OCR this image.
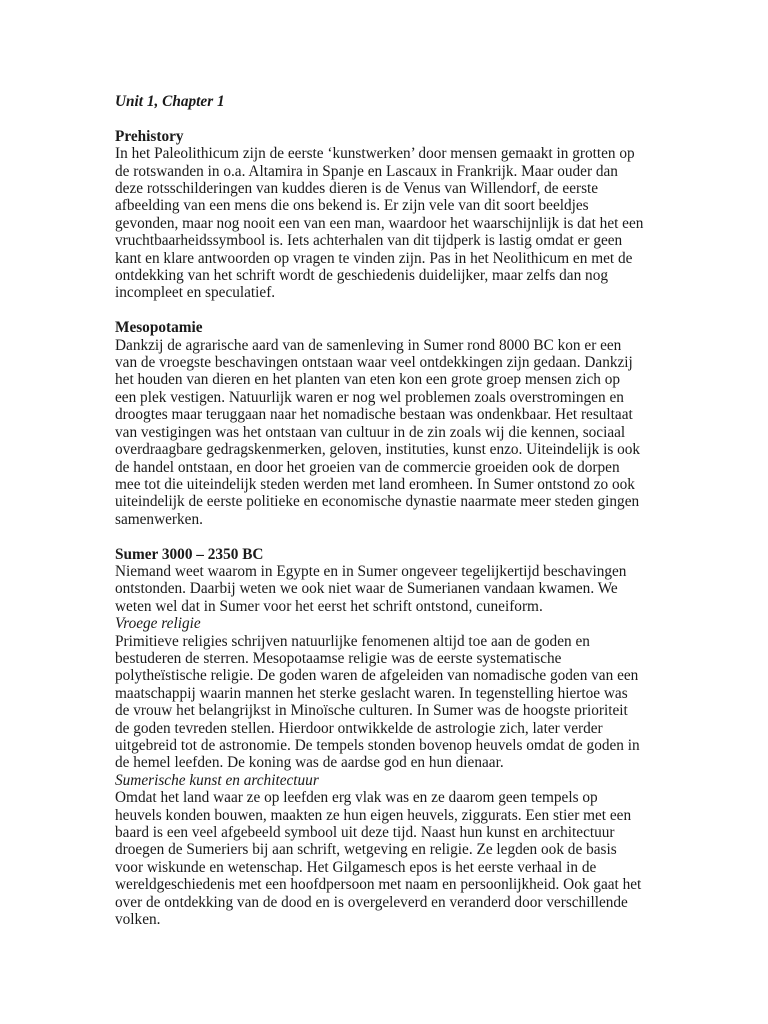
Unit 1, Chapter 1
Prehistory
In het Paleolithicum zijn de eerste ‘kunstwerken’ door mensen gemaakt in grotten op
de rotswanden in o.a. Altamira in Spanje en Lascaux in Frankrijk. Maar ouder dan
deze rotsschilderingen van kuddes dieren is de Venus van Willendorf, de eerste
afbeelding van een mens die ons bekend is. Er zijn vele van dit soort beeldjes
gevonden, maar nog nooit een van een man, waardoor het waarschijnlijk is dat het een
vruchtbaarheidssymbool is. Iets achterhalen van dit tijdperk is lastig omdat er geen
kant en klare antwoorden op vragen te vinden zijn. Pas in het Neolithicum en met de
ontdekking van het schrift wordt de geschiedenis duidelijker, maar zelfs dan nog
incompleet en speculatief.
Mesopotamie
Dankzij de agrarische aard van de samenleving in Sumer rond 8000 BC kon er een
van de vroegste beschavingen ontstaan waar veel ontdekkingen zijn gedaan. Dankzij
het houden van dieren en het planten van eten kon een grote groep mensen zich op
een plek vestigen. Natuurlijk waren er nog wel problemen zoals overstromingen en
droogtes maar teruggaan naar het nomadische bestaan was ondenkbaar. Het resultaat
van vestigingen was het ontstaan van cultuur in de zin zoals wij die kennen, sociaal
overdraagbare gedragskenmerken, geloven, instituties, kunst enzo. Uiteindelijk is ook
de handel ontstaan, en door het groeien van de commercie groeiden ook de dorpen
mee tot die uiteindelijk steden werden met land eromheen. In Sumer ontstond zo ook
uiteindelijk de eerste politieke en economische dynastie naarmate meer steden gingen
samenwerken.
Sumer 3000 – 2350 BC
Niemand weet waarom in Egypte en in Sumer ongeveer tegelijkertijd beschavingen
ontstonden. Daarbij weten we ook niet waar de Sumerianen vandaan kwamen. We
weten wel dat in Sumer voor het eerst het schrift ontstond, cuneiform.
Vroege religie
Primitieve religies schrijven natuurlijke fenomenen altijd toe aan de goden en
bestuderen de sterren. Mesopotaamse religie was de eerste systematische
polytheïstische religie. De goden waren de afgeleiden van nomadische goden van een
maatschappij waarin mannen het sterke geslacht waren. In tegenstelling hiertoe was
de vrouw het belangrijkst in Minoïsche culturen. In Sumer was de hoogste prioriteit
de goden tevreden stellen. Hierdoor ontwikkelde de astrologie zich, later verder
uitgebreid tot de astronomie. De tempels stonden bovenop heuvels omdat de goden in
de hemel leefden. De koning was de aardse god en hun dienaar.
Sumerische kunst en architectuur
Omdat het land waar ze op leefden erg vlak was en ze daarom geen tempels op
heuvels konden bouwen, maakten ze hun eigen heuvels, ziggurats. Een stier met een
baard is een veel afgebeeld symbool uit deze tijd. Naast hun kunst en architectuur
droegen de Sumeriers bij aan schrift, wetgeving en religie. Ze legden ook de basis
voor wiskunde en wetenschap. Het Gilgamesch epos is het eerste verhaal in de
wereldgeschiedenis met een hoofdpersoon met naam en persoonlijkheid. Ook gaat het
over de ontdekking van de dood en is overgeleverd en veranderd door verschillende
volken.
